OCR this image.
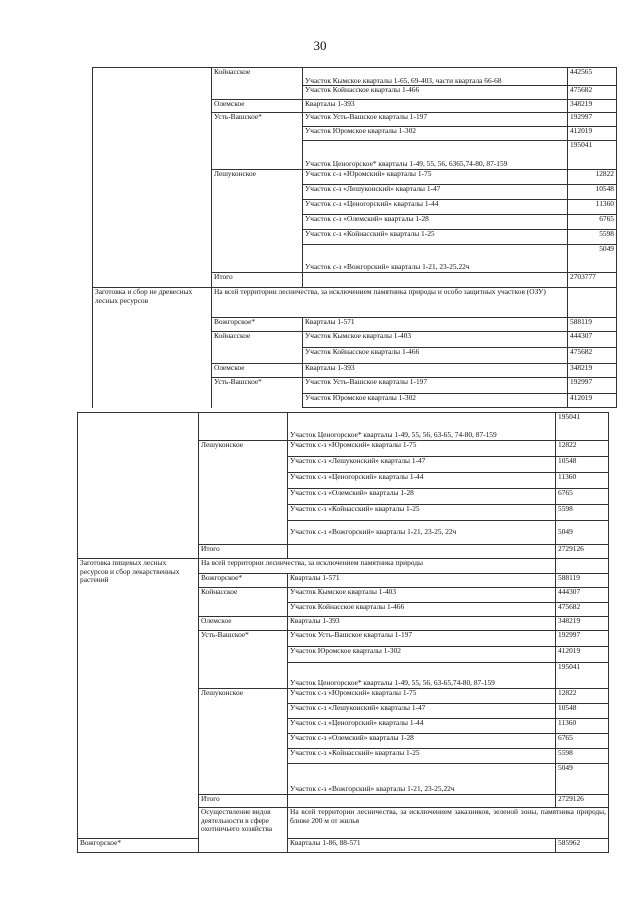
30
	Койнасское	Участок Кымское кварталы 1-65, 69-403, части квартала 66-68	442565

		Участок Койнасское кварталы 1-466	475682
	Олемское	Кварталы 1-393	348219
	Усть-Вашское*	Участок Усть-Вашское кварталы 1-197	192997
		Участок Юромское кварталы 1-302	412019
		Участок Ценогорское* кварталы 1-49, 55, 56, 6365,74-80, 87-159	195041
	Лешуконское	Участок с-з «Юромский» кварталы 1-75	12822
		Участок с-з «Лешуконский» кварталы 1-47	10548
		Участок с-з «Ценогорский» кварталы 1-44	11360
		Участок с-з «Олемский» кварталы 1-28	6765
		Участок с-з «Койнасский» кварталы 1-25	5598
		Участок с-з «Вожгорский» кварталы 1-21, 23-25,22ч	5049
	Итого		2703777
Заготовка и сбор не древесных лесных ресурсов	На всей территории лесничества, за исключением памятника природы и особо защитных участков (ОЗУ)		
	Вожгорское*	Кварталы 1-571	588119
	Койнасское	Участок Кымское кварталы 1-403	444307
		Участок Койнасское кварталы 1-466	475682
	Олемское	Кварталы 1-393	348219
	Усть-Вашское*	Участок Усть-Вашское кварталы 1-197	192997
		Участок Юромское кварталы 1-302	412019
		Участок Ценогорское* кварталы 1-49, 55, 56, 63-65, 74-80, 87-159	195041	
	Лешуконское	Участок с-з «Юромский» кварталы 1-75	12822	
		Участок с-з «Лешуконский» кварталы 1-47	10548	
		Участок с-з «Ценогорский» кварталы 1-44	11360	
		Участок с-з «Олемский» кварталы 1-28	6765	
		Участок с-з «Койнасский» кварталы 1-25	5598	
		Участок с-з «Вожгорский» кварталы 1-21, 23-25, 22ч	5049	
	Итого		2729126	
Заготовка пищевых лесных ресурсов и сбор лекарственных растений	На всей территории лесничества, за исключением памятника природы			
	Вожгорское*	Кварталы 1-571	588119	
	Койнасское	Участок Кымское кварталы 1-403	444307	
		Участок Койнасское кварталы 1-466	475682	
	Олемское	Кварталы 1-393	348219	
	Усть-Вашское*	Участок Усть-Вашское кварталы 1-197	192997	
		Участок Юромское кварталы 1-302	412019	
		Участок Ценогорское* кварталы 1-49, 55, 56, 63-65,74-80, 87-159	195041	
	Лешуконское	Участок с-з «Юромский» кварталы 1-75	12822	
		Участок с-з «Лешуконский» кварталы 1-47	10548	
		Участок с-з «Ценогорский» кварталы 1-44	11360	
		Участок с-з «Олемский» кварталы 1-28	6765	
		Участок с-з «Койнасский» кварталы 1-25	5598	
		Участок с-з «Вожгорский» кварталы 1-21, 23-25,22ч	5049	
	Итого		2729126	
	Осуществление видов деятельности в сфере охотничьего хозяйства	На всей территории лесничества, за исключением заказников, зеленой зоны, памятника природы, ближе 200 м от жилья		
Вожгорское*		Кварталы 1-86, 88-571	585962	
